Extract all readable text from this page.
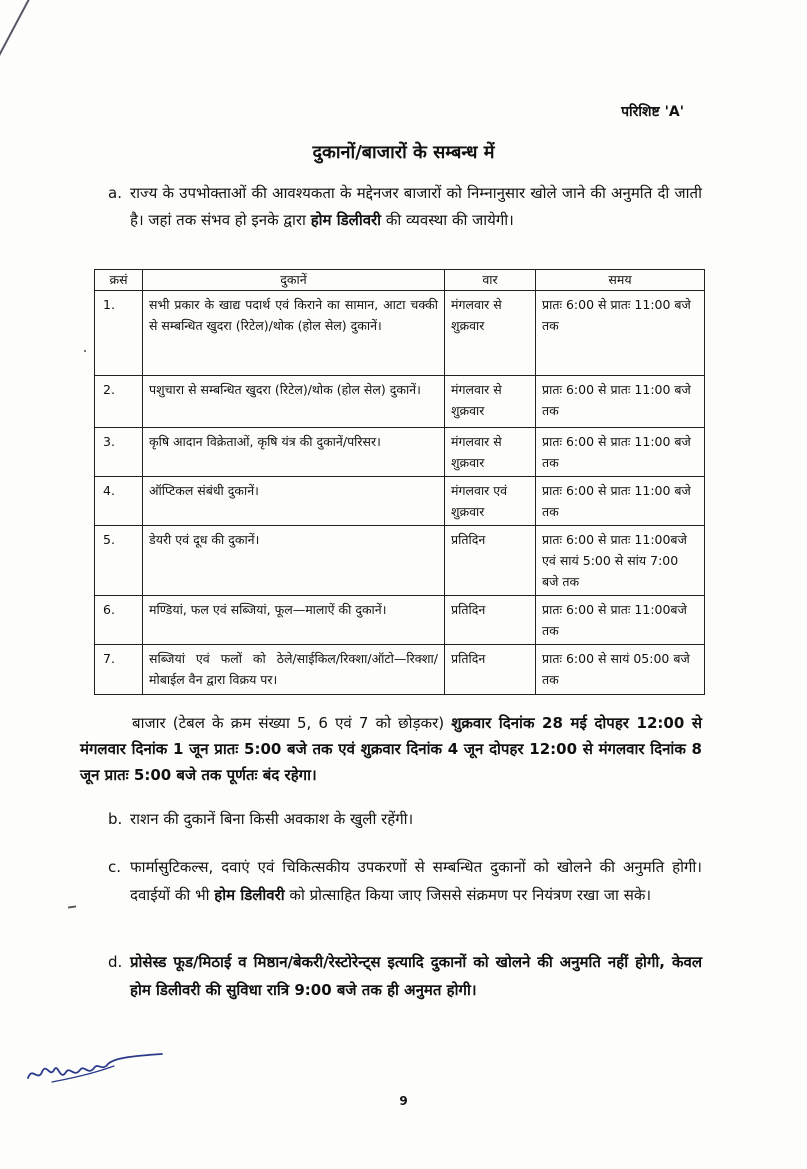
परिशिष्ट 'A'
दुकानों/बाजारों के सम्बन्ध में
a. राज्य के उपभोक्ताओं की आवश्यकता के मद्देनजर बाजारों को निम्नानुसार खोले जाने की अनुमति दी जाती है। जहां तक संभव हो इनके द्वारा होम डिलीवरी की व्यवस्था की जायेगी।
क्रसं	दुकानें	वार	समय
1.	सभी प्रकार के खाद्य पदार्थ एवं किराने का सामान, आटा चक्की से सम्बन्धित खुदरा (रिटेल)/थोक (होल सेल) दुकानें।	मंगलवार से शुक्रवार	प्रातः 6:00 से प्रातः 11:00 बजे तक
2.	पशुचारा से सम्बन्धित खुदरा (रिटेल)/थोक (होल सेल) दुकानें।	मंगलवार से शुक्रवार	प्रातः 6:00 से प्रातः 11:00 बजे तक
3.	कृषि आदान विक्रेताओं, कृषि यंत्र की दुकानें/परिसर।	मंगलवार से शुक्रवार	प्रातः 6:00 से प्रातः 11:00 बजे तक
4.	ऑप्टिकल संबंधी दुकानें।	मंगलवार एवं शुक्रवार	प्रातः 6:00 से प्रातः 11:00 बजे तक
5.	डेयरी एवं दूध की दुकानें।	प्रतिदिन	प्रातः 6:00 से प्रातः 11:00बजे एवं सायं 5:00 से सांय 7:00 बजे तक
6.	मण्डियां, फल एवं सब्जियां, फूल—मालाऐं की दुकानें।	प्रतिदिन	प्रातः 6:00 से प्रातः 11:00बजे तक
7.	सब्जियां एवं फलों को ठेले/साईकिल/रिक्शा/ऑटो—रिक्शा/मोबाईल वैन द्वारा विक्रय पर।	प्रतिदिन	प्रातः 6:00 से सायं 05:00 बजे तक
बाजार (टेबल के क्रम संख्या 5, 6 एवं 7 को छोड़कर) शुक्रवार दिनांक 28 मई दोपहर 12:00 से मंगलवार दिनांक 1 जून प्रातः 5:00 बजे तक एवं शुक्रवार दिनांक 4 जून दोपहर 12:00 से मंगलवार दिनांक 8 जून प्रातः 5:00 बजे तक पूर्णतः बंद रहेगा।
b. राशन की दुकानें बिना किसी अवकाश के खुली रहेंगी।
c. फार्मासुटिकल्स, दवाएं एवं चिकित्सकीय उपकरणों से सम्बन्धित दुकानों को खोलने की अनुमति होगी। दवाईयों की भी होम डिलीवरी को प्रोत्साहित किया जाए जिससे संक्रमण पर नियंत्रण रखा जा सके।
d. प्रोसेस्ड फूड/मिठाई व मिष्ठान/बेकरी/रेस्टोरेन्ट्स इत्यादि दुकानों को खोलने की अनुमति नहीं होगी, केवल होम डिलीवरी की सुविधा रात्रि 9:00 बजे तक ही अनुमत होगी।
9
